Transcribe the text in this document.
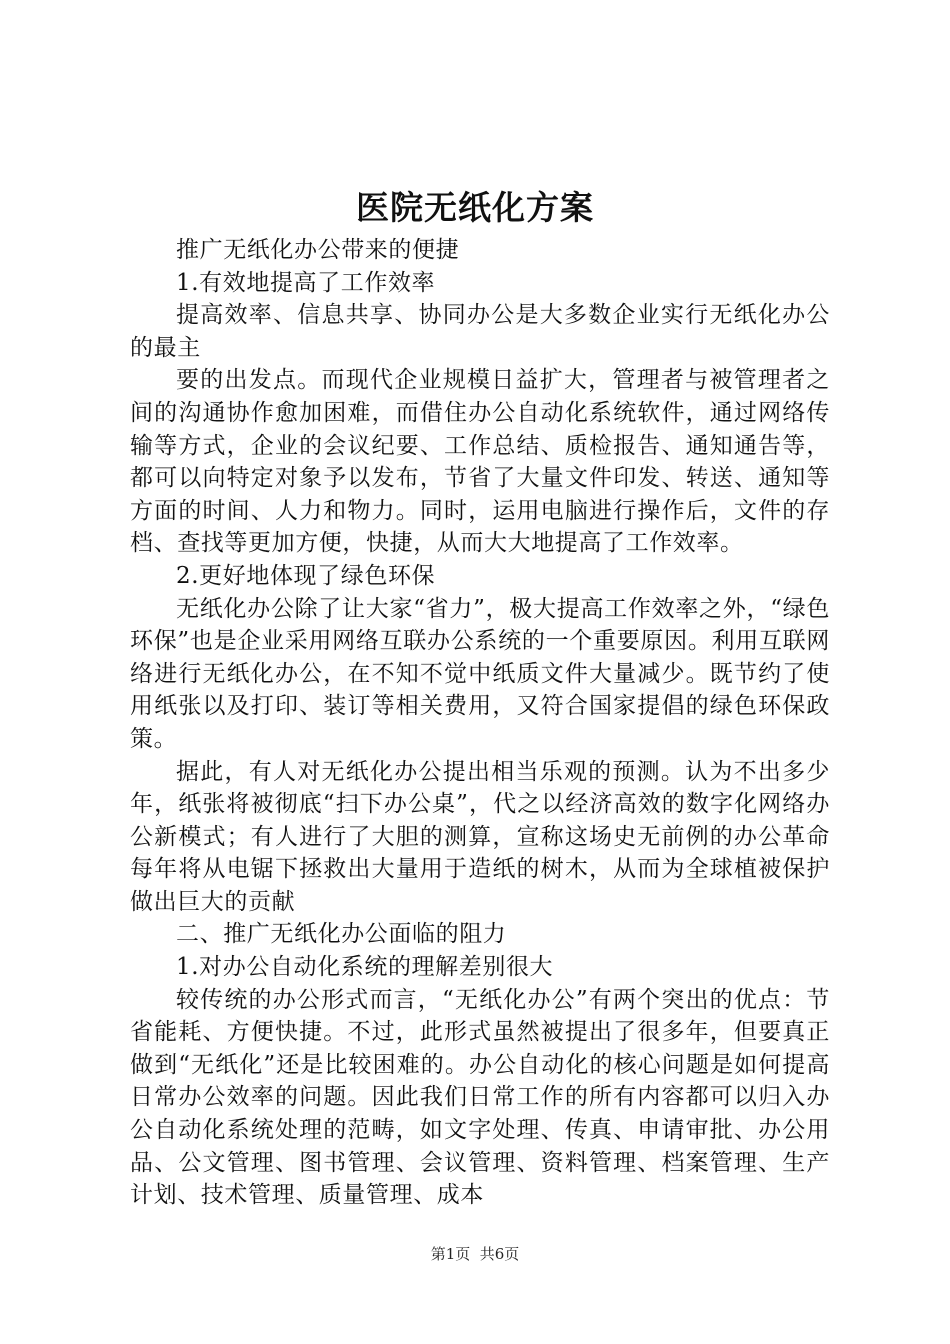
医院无纸化方案

推广无纸化办公带来的便捷

1.有效地提高了工作效率

提高效率、信息共享、协同办公是大多数企业实行无纸化办公的最主

要的出发点。而现代企业规模日益扩大，管理者与被管理者之间的沟通协作愈加困难，而借住办公自动化系统软件，通过网络传输等方式，企业的会议纪要、工作总结、质检报告、通知通告等，都可以向特定对象予以发布，节省了大量文件印发、转送、通知等方面的时间、人力和物力。同时，运用电脑进行操作后，文件的存档、查找等更加方便，快捷，从而大大地提高了工作效率。

2.更好地体现了绿色环保

无纸化办公除了让大家“省力”，极大提高工作效率之外，“绿色环保”也是企业采用网络互联办公系统的一个重要原因。利用互联网络进行无纸化办公，在不知不觉中纸质文件大量减少。既节约了使用纸张以及打印、装订等相关费用，又符合国家提倡的绿色环保政策。

据此，有人对无纸化办公提出相当乐观的预测。认为不出多少年，纸张将被彻底“扫下办公桌”，代之以经济高效的数字化网络办公新模式；有人进行了大胆的测算，宣称这场史无前例的办公革命每年将从电锯下拯救出大量用于造纸的树木，从而为全球植被保护做出巨大的贡献

二、推广无纸化办公面临的阻力

1.对办公自动化系统的理解差别很大

较传统的办公形式而言，“无纸化办公”有两个突出的优点：节省能耗、方便快捷。不过，此形式虽然被提出了很多年，但要真正做到“无纸化”还是比较困难的。办公自动化的核心问题是如何提高日常办公效率的问题。因此我们日常工作的所有内容都可以归入办公自动化系统处理的范畴，如文字处理、传真、申请审批、办公用品、公文管理、图书管理、会议管理、资料管理、档案管理、生产计划、技术管理、质量管理、成本

第1页  共6页
